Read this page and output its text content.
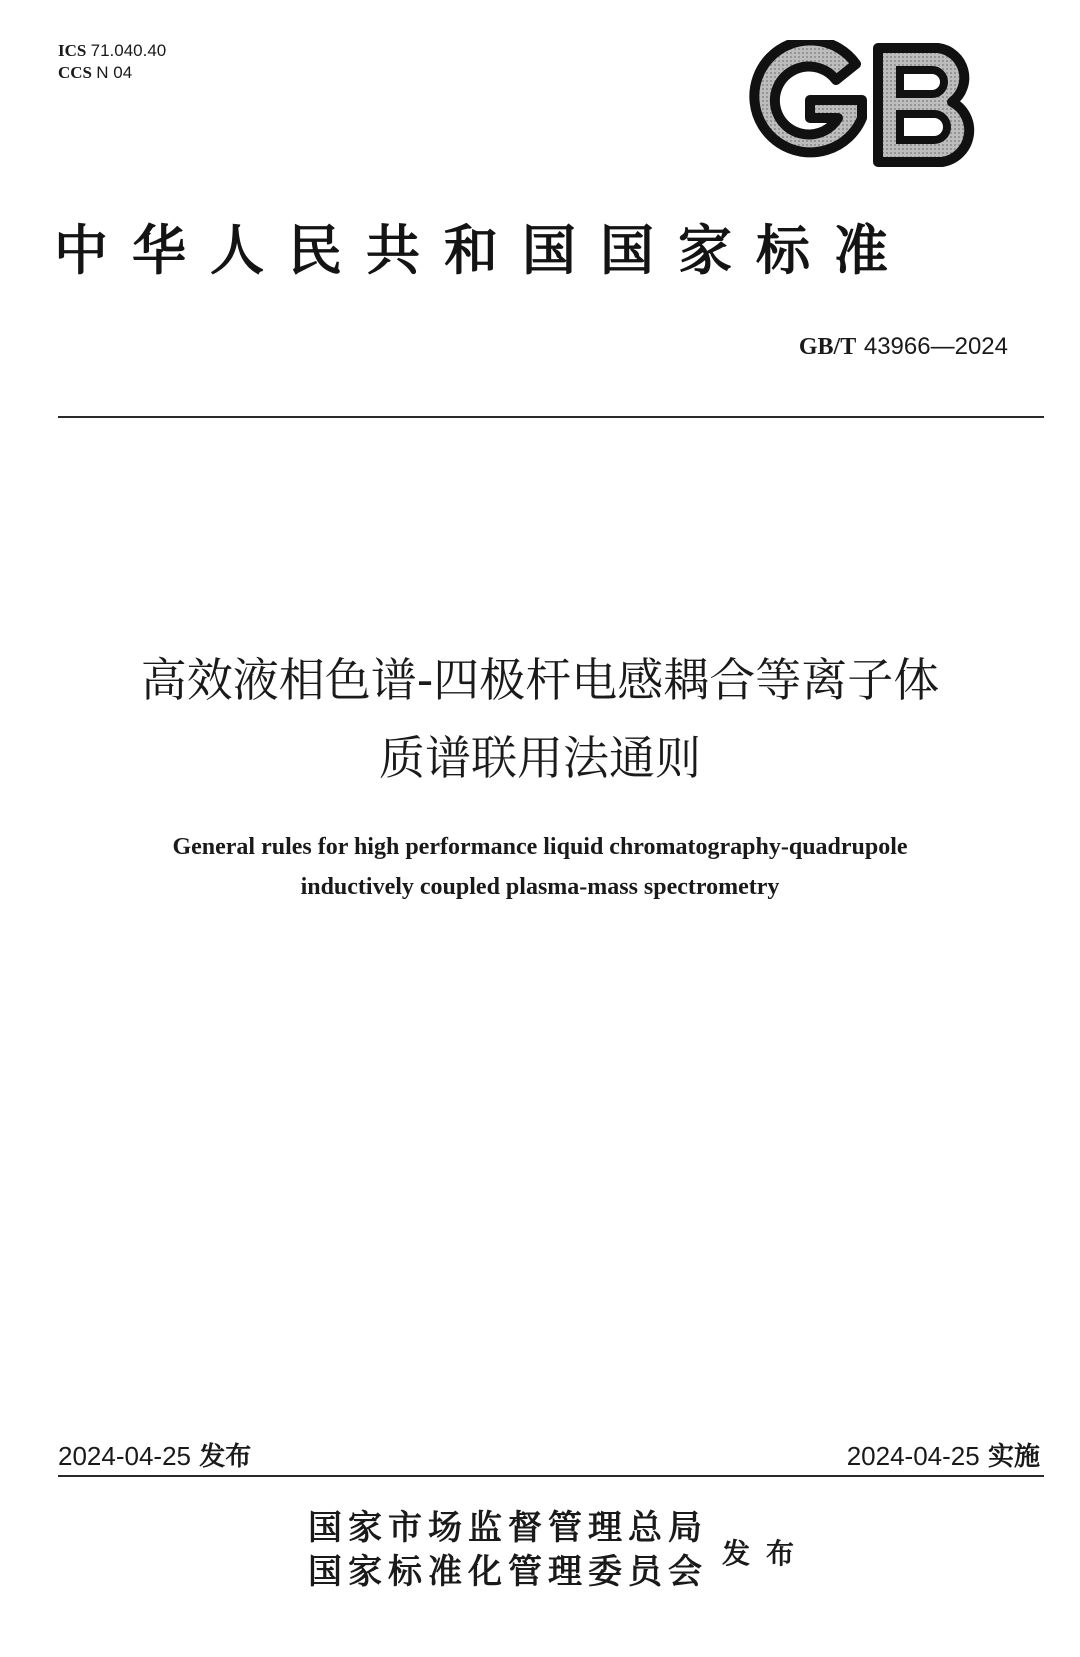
ICS 71.040.40
CCS N 04
中华人民共和国国家标准
GB/T 43966—2024
高效液相色谱-四极杆电感耦合等离子体
质谱联用法通则
General rules for high performance liquid chromatography-quadrupole
inductively coupled plasma-mass spectrometry
2024-04-25 发布	2024-04-25 实施
国家市场监督管理总局
国家标准化管理委员会 发布
